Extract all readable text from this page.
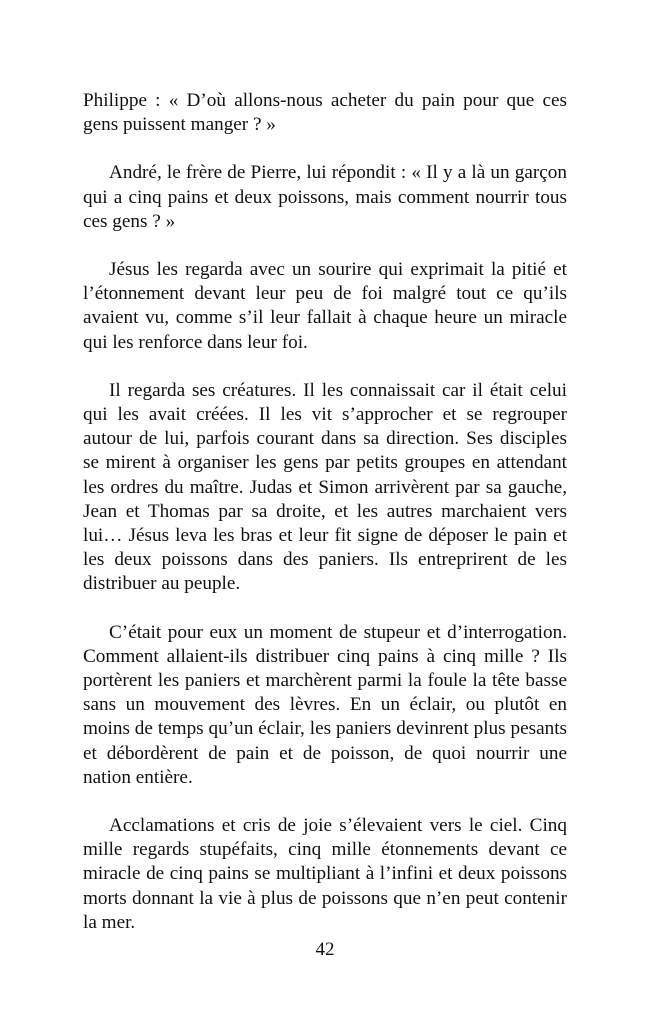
Philippe : « D’où allons-nous acheter du pain pour que ces gens puissent manger ? »

André, le frère de Pierre, lui répondit : « Il y a là un garçon qui a cinq pains et deux poissons, mais comment nourrir tous ces gens ? »

Jésus les regarda avec un sourire qui exprimait la pitié et l’étonnement devant leur peu de foi malgré tout ce qu’ils avaient vu, comme s’il leur fallait à chaque heure un miracle qui les renforce dans leur foi.

Il regarda ses créatures. Il les connaissait car il était celui qui les avait créées. Il les vit s’approcher et se regrouper autour de lui, parfois courant dans sa direction. Ses disciples se mirent à organiser les gens par petits groupes en attendant les ordres du maître. Judas et Simon arrivèrent par sa gauche, Jean et Thomas par sa droite, et les autres marchaient vers lui… Jésus leva les bras et leur fit signe de déposer le pain et les deux poissons dans des paniers. Ils entreprirent de les distribuer au peuple.

C’était pour eux un moment de stupeur et d’interrogation. Comment allaient-ils distribuer cinq pains à cinq mille ? Ils portèrent les paniers et marchèrent parmi la foule la tête basse sans un mouvement des lèvres. En un éclair, ou plutôt en moins de temps qu’un éclair, les paniers devinrent plus pesants et débordèrent de pain et de poisson, de quoi nourrir une nation entière.

Acclamations et cris de joie s’élevaient vers le ciel. Cinq mille regards stupéfaits, cinq mille étonnements devant ce miracle de cinq pains se multipliant à l’infini et deux poissons morts donnant la vie à plus de poissons que n’en peut contenir la mer.

42
